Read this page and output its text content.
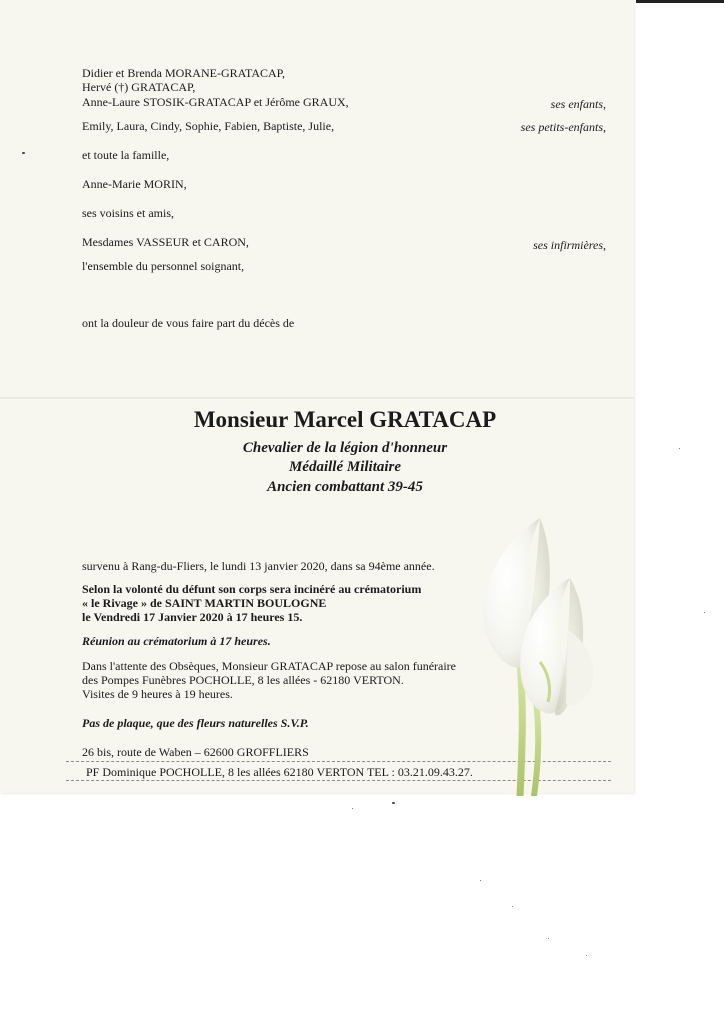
Didier et Brenda MORANE-GRATACAP,
Hervé (†) GRATACAP,
Anne-Laure STOSIK-GRATACAP et Jérôme GRAUX,	ses enfants,
Emily, Laura, Cindy, Sophie, Fabien, Baptiste, Julie,	ses petits-enfants,
et toute la famille,
Anne-Marie MORIN,
ses voisins et amis,
Mesdames VASSEUR et CARON,	ses infirmières,
l'ensemble du personnel soignant,
ont la douleur de vous faire part du décès de
Monsieur Marcel GRATACAP
Chevalier de la légion d'honneur
Médaillé Militaire
Ancien combattant 39-45
survenu à Rang-du-Fliers, le lundi 13 janvier 2020, dans sa 94ème année.
Selon la volonté du défunt son corps sera incinéré au crématorium
« le Rivage » de SAINT MARTIN BOULOGNE
le Vendredi 17 Janvier 2020 à 17 heures 15.
Réunion au crématorium à 17 heures.
Dans l'attente des Obsèques, Monsieur GRATACAP repose au salon funéraire
des Pompes Funèbres POCHOLLE, 8 les allées - 62180 VERTON.
Visites de 9 heures à 19 heures.
Pas de plaque, que des fleurs naturelles S.V.P.
26 bis, route de Waben – 62600 GROFFLIERS
PF Dominique POCHOLLE, 8 les allées 62180 VERTON TEL : 03.21.09.43.27.
